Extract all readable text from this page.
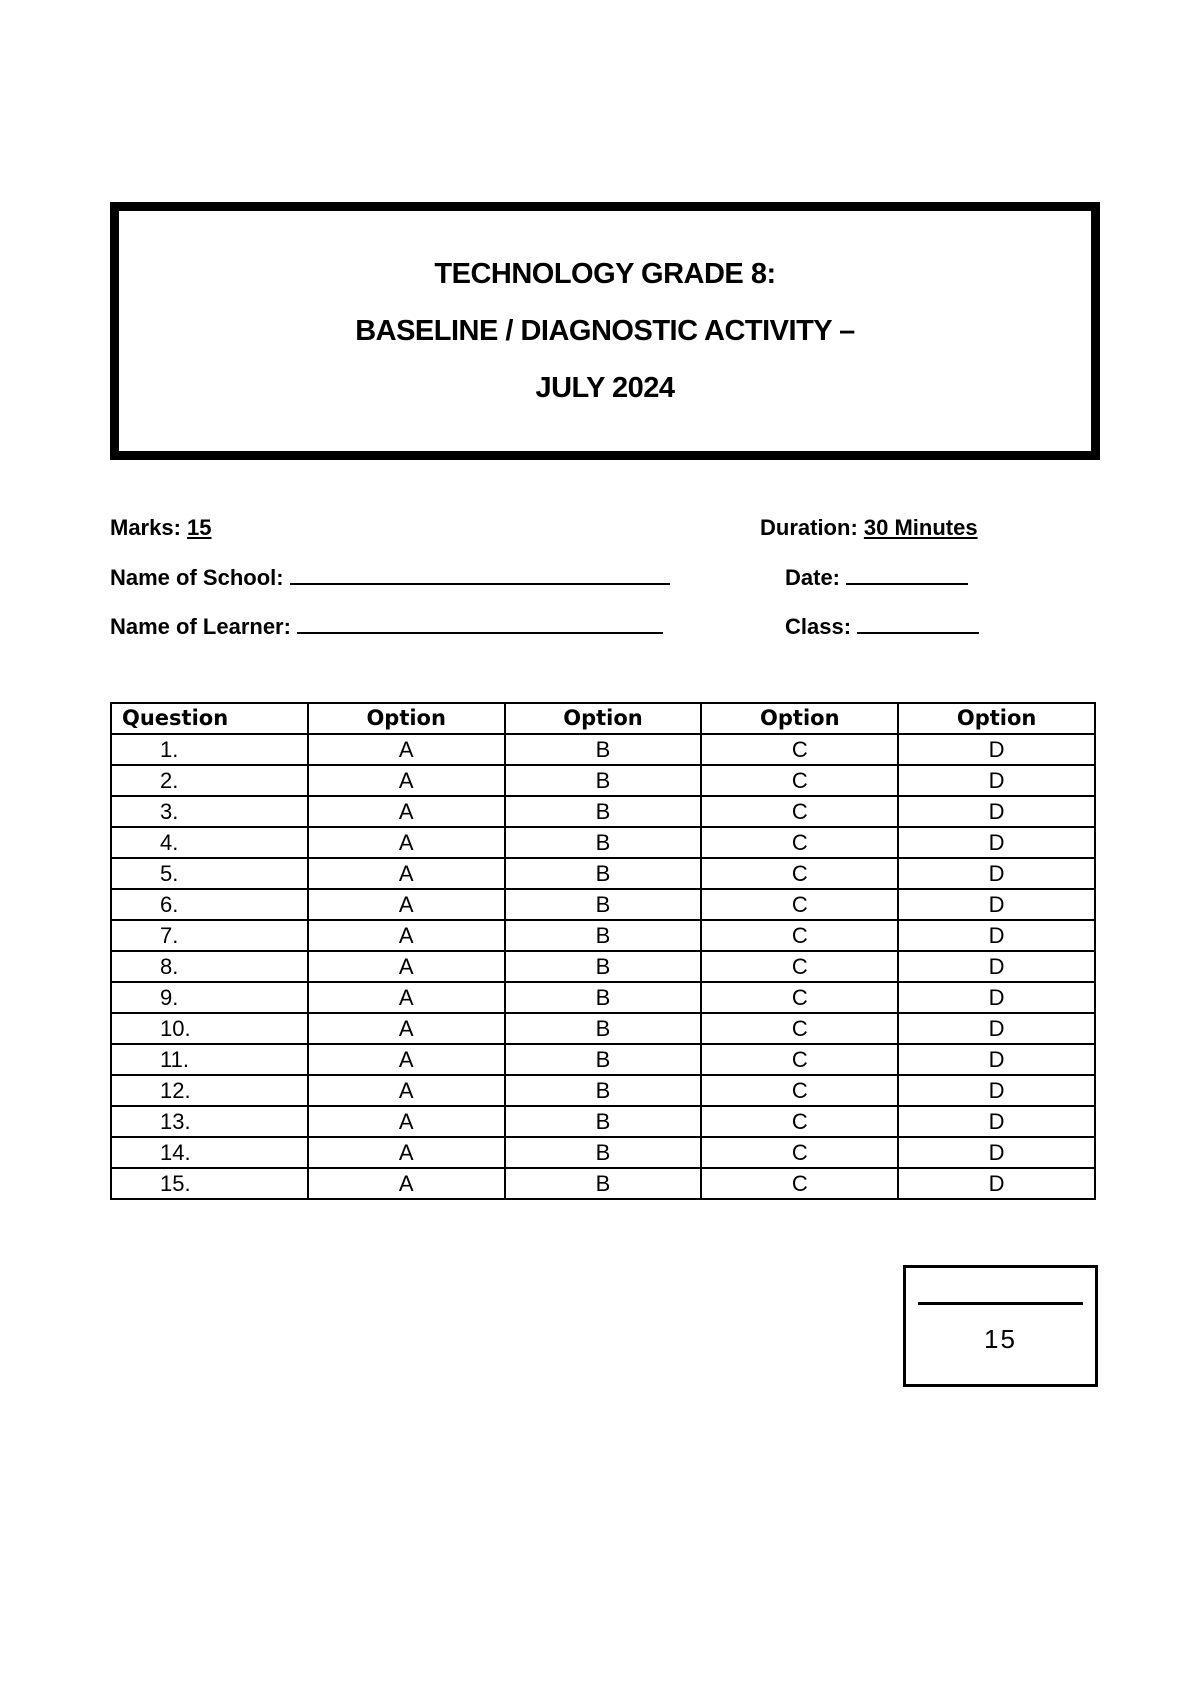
TECHNOLOGY GRADE 8:
BASELINE / DIAGNOSTIC ACTIVITY –
JULY 2024
Marks: 15	Duration: 30 Minutes
Name of School:	Date:
Name of Learner:	Class:
Question	Option	Option	Option	Option
1.	A	B	C	D
2.	A	B	C	D
3.	A	B	C	D
4.	A	B	C	D
5.	A	B	C	D
6.	A	B	C	D
7.	A	B	C	D
8.	A	B	C	D
9.	A	B	C	D
10.	A	B	C	D
11.	A	B	C	D
12.	A	B	C	D
13.	A	B	C	D
14.	A	B	C	D
15.	A	B	C	D
15
